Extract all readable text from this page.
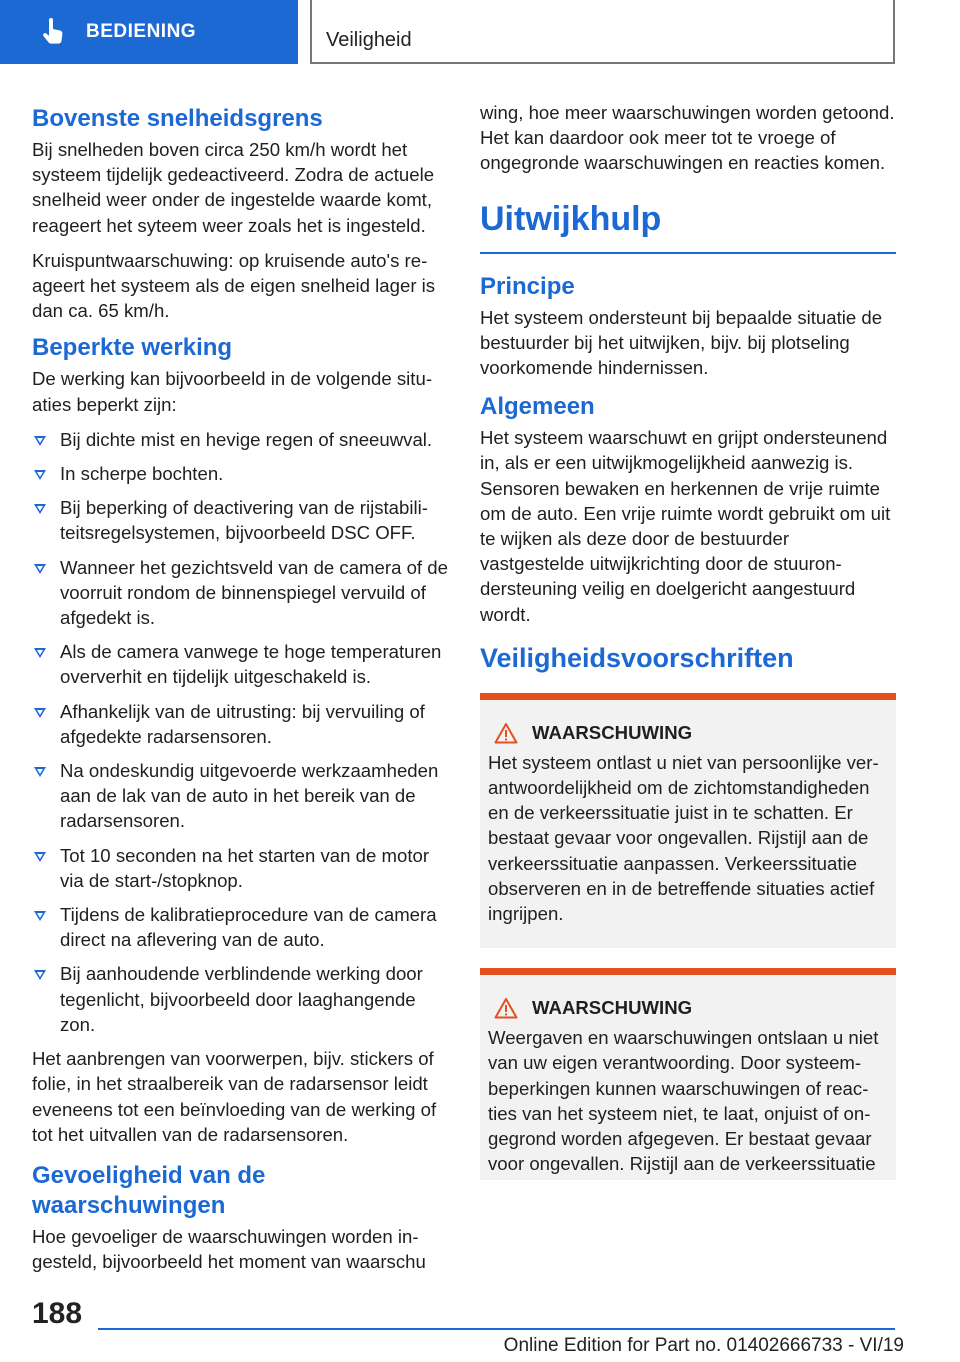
BEDIENING	Veiligheid
Bovenste snelheidsgrens

Bij snelheden boven circa 250 km/h wordt het systeem tijdelijk gedeactiveerd. Zodra de actuele snelheid weer onder de ingestelde waarde komt, reageert het syteem weer zoals het is ingesteld.

Kruispuntwaarschuwing: op kruisende auto's reageert het systeem als de eigen snelheid lager is dan ca. 65 km/h.

Beperkte werking

De werking kan bijvoorbeeld in de volgende situaties beperkt zijn:

Bij dichte mist en hevige regen of sneeuwval.
In scherpe bochten.
Bij beperking of deactivering van de rijstabiliteitsregelsystemen, bijvoorbeeld DSC OFF.
Wanneer het gezichtsveld van de camera of de voorruit rondom de binnenspiegel vervuild of afgedekt is.
Als de camera vanwege te hoge temperaturen oververhit en tijdelijk uitgeschakeld is.
Afhankelijk van de uitrusting: bij vervuiling of afgedekte radarsensoren.
Na ondeskundig uitgevoerde werkzaamheden aan de lak van de auto in het bereik van de radarsensoren.
Tot 10 seconden na het starten van de motor via de start-/stopknop.
Tijdens de kalibratieprocedure van de camera direct na aflevering van de auto.
Bij aanhoudende verblindende werking door tegenlicht, bijvoorbeeld door laaghangende zon.

Het aanbrengen van voorwerpen, bijv. stickers of folie, in het straalbereik van de radarsensor leidt eveneens tot een beïnvloeding van de werking of tot het uitvallen van de radarsensoren.

Gevoeligheid van de waarschuwingen

Hoe gevoeliger de waarschuwingen worden ingesteld, bijvoorbeeld het moment van waarschu

wing, hoe meer waarschuwingen worden getoond. Het kan daardoor ook meer tot te vroege of ongegronde waarschuwingen en reacties komen.

Uitwijkhulp
Principe

Het systeem ondersteunt bij bepaalde situatie de bestuurder bij het uitwijken, bijv. bij plotseling voorkomende hindernissen.

Algemeen

Het systeem waarschuwt en grijpt ondersteunend in, als er een uitwijkmogelijkheid aanwezig is. Sensoren bewaken en herkennen de vrije ruimte om de auto. Een vrije ruimte wordt gebruikt om uit te wijken als deze door de bestuurder vastgestelde uitwijkrichting door de stuurondersteuning veilig en doelgericht aangestuurd wordt.

Veiligheidsvoorschriften
WAARSCHUWING

Het systeem ontlast u niet van persoonlijke verantwoordelijkheid om de zichtomstandigheden en de verkeerssituatie juist in te schatten. Er bestaat gevaar voor ongevallen. Rijstijl aan de verkeerssituatie aanpassen. Verkeerssituatie observeren en in de betreffende situaties actief ingrijpen.

WAARSCHUWING

Weergaven en waarschuwingen ontslaan u niet van uw eigen verantwoording. Door systeembeperkingen kunnen waarschuwingen of reacties van het systeem niet, te laat, onjuist of ongegrond worden afgegeven. Er bestaat gevaar voor ongevallen. Rijstijl aan de verkeerssituatie

188
Online Edition for Part no. 01402666733 - VI/19
